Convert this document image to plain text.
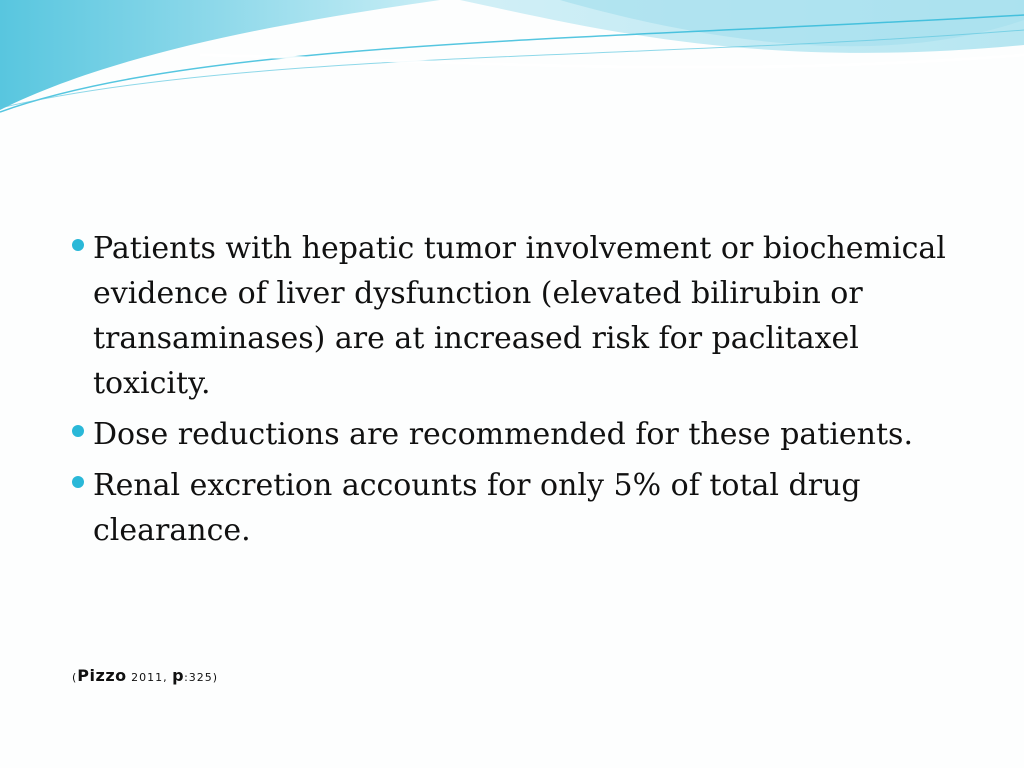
Patients with hepatic tumor involvement or biochemical evidence of liver dysfunction (elevated bilirubin or transaminases) are at increased risk for paclitaxel toxicity.
Dose reductions are recommended for these patients.
Renal excretion accounts for only 5% of total drug clearance.
(Pizzo 2011, p:325)
